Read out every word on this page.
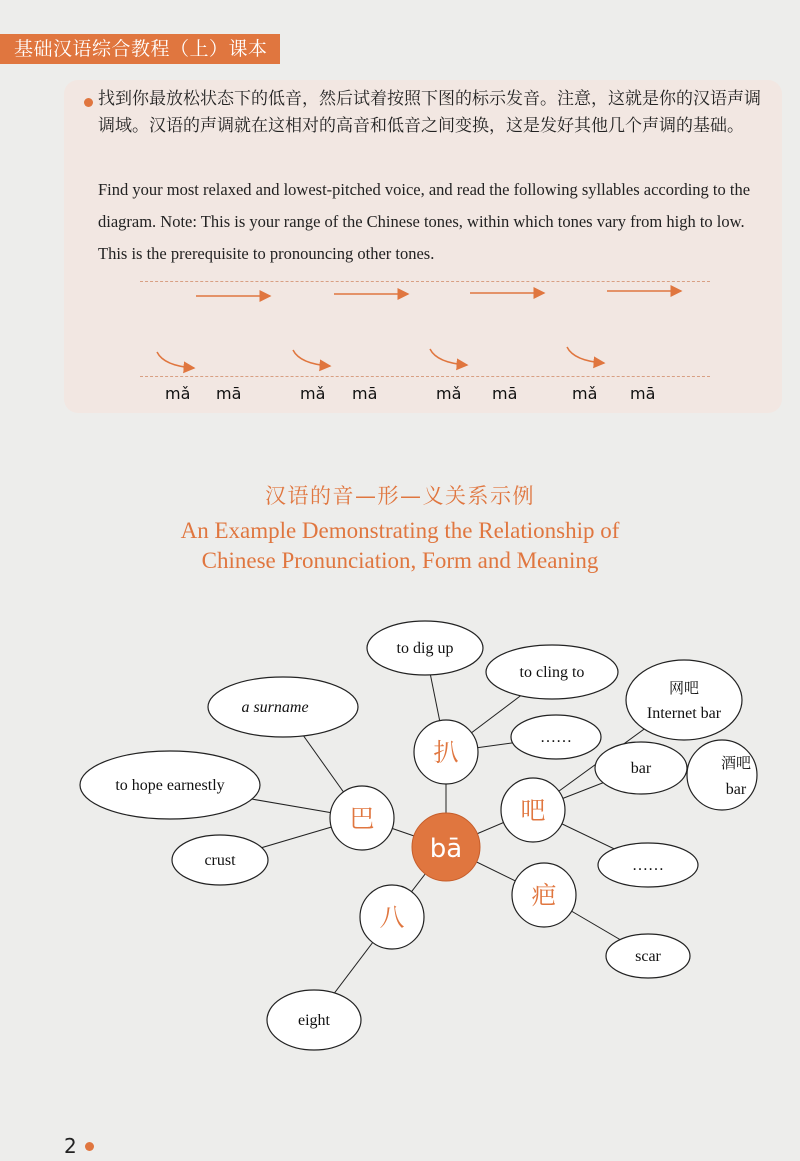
基础汉语综合教程（上）课本
找到你最放松状态下的低音，然后试着按照下图的标示发音。注意，这就是你的汉语声调调域。汉语的声调就在这相对的高音和低音之间变换，这是发好其他几个声调的基础。
Find your most relaxed and lowest-pitched voice, and read the following syllables according to the diagram. Note: This is your range of the Chinese tones, within which tones vary from high to low. This is the prerequisite to pronouncing other tones.
mǎ mā	mǎ mā	mǎ mā	mǎ mā
汉语的音—形—义关系示例
An Example Demonstrating the Relationship of
Chinese Pronunciation, Form and Meaning
bā
扒
巴	吧
疤
八
to dig up
to cling to
……
a surname
to hope earnestly
crust
网吧
Internet bar
bar	酒吧
bar
……
scar
eight
2
